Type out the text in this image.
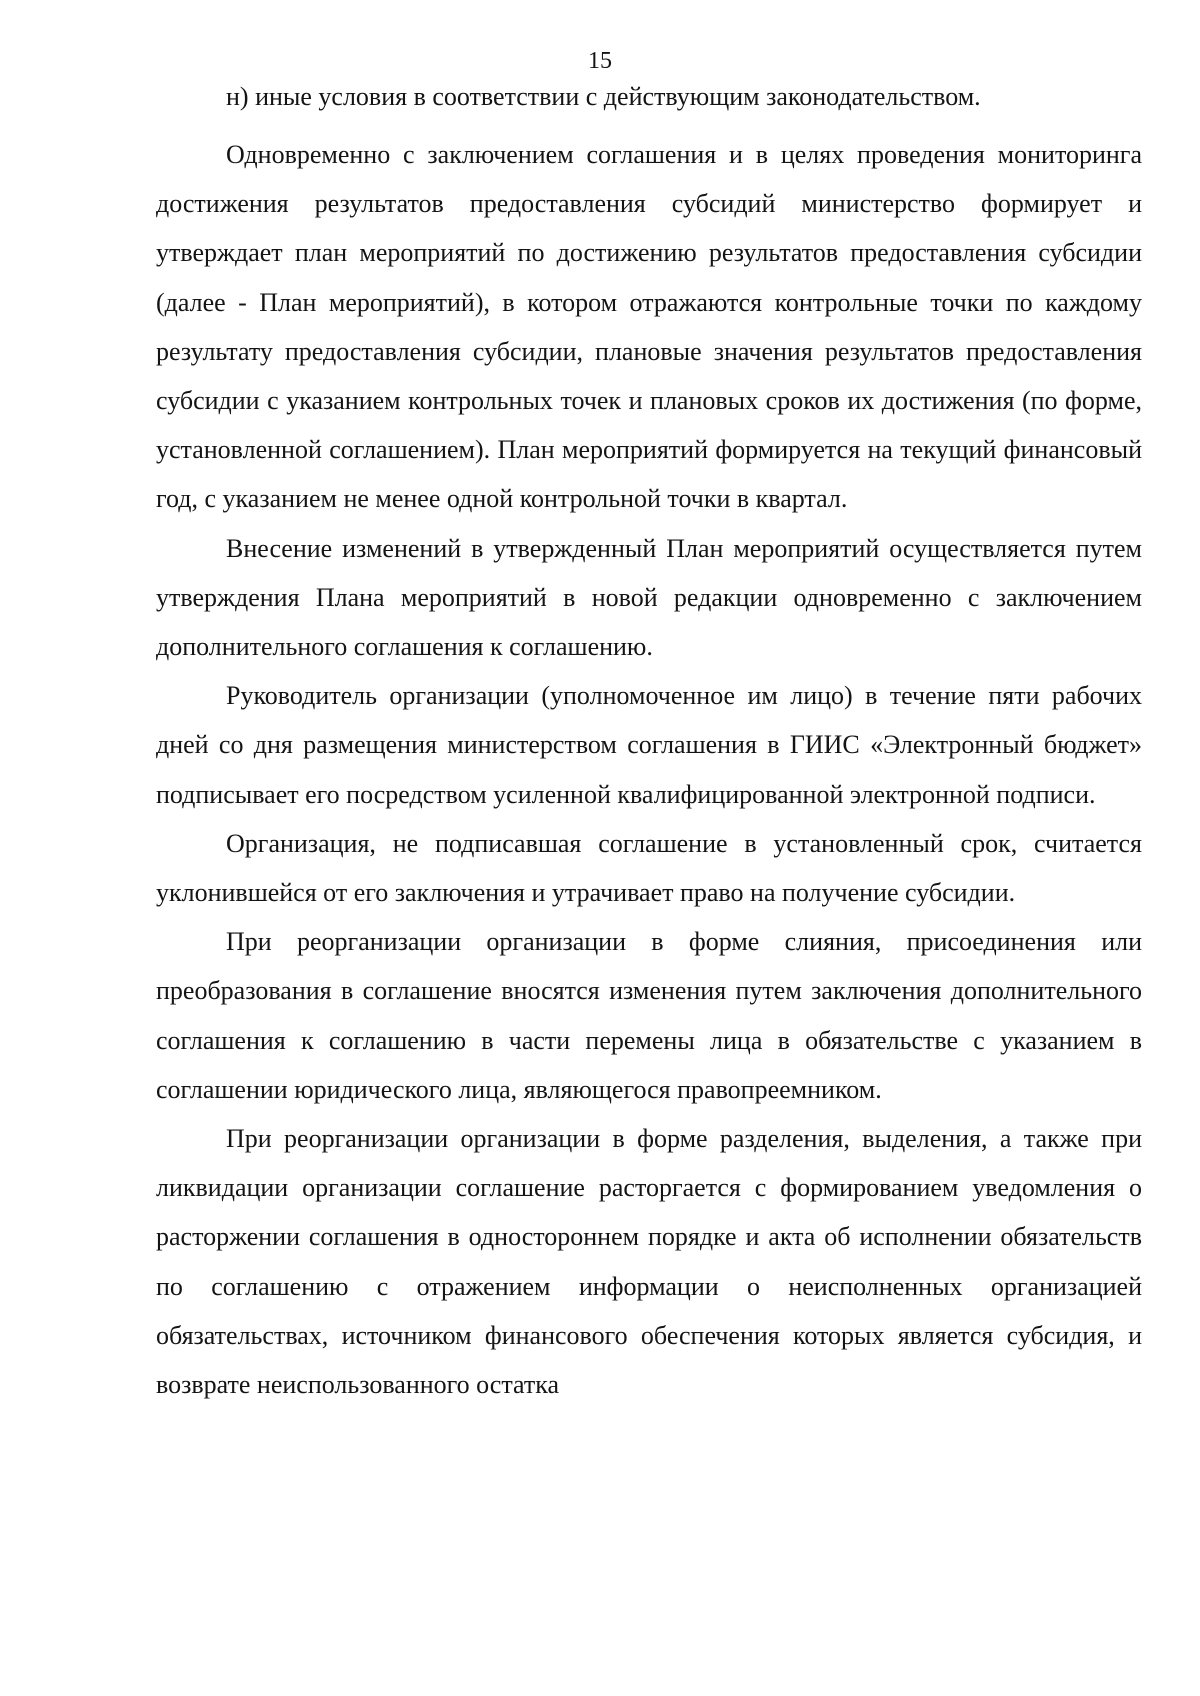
15

н) иные условия в соответствии с действующим законодательством.

Одновременно с заключением соглашения и в целях проведения мониторинга достижения результатов предоставления субсидий министерство формирует и утверждает план мероприятий по достижению результатов предоставления субсидии (далее - План мероприятий), в котором отражаются контрольные точки по каждому результату предоставления субсидии, плановые значения результатов предоставления субсидии с указанием контрольных точек и плановых сроков их достижения (по форме, установленной соглашением). План мероприятий формируется на текущий финансовый год, с указанием не менее одной контрольной точки в квартал.

Внесение изменений в утвержденный План мероприятий осуществляется путем утверждения Плана мероприятий в новой редакции одновременно с заключением дополнительного соглашения к соглашению.

Руководитель организации (уполномоченное им лицо) в течение пяти рабочих дней со дня размещения министерством соглашения в ГИИС «Электронный бюджет» подписывает его посредством усиленной квалифицированной электронной подписи.

Организация, не подписавшая соглашение в установленный срок, считается уклонившейся от его заключения и утрачивает право на получение субсидии.

При реорганизации организации в форме слияния, присоединения или преобразования в соглашение вносятся изменения путем заключения дополнительного соглашения к соглашению в части перемены лица в обязательстве с указанием в соглашении юридического лица, являющегося правопреемником.

При реорганизации организации в форме разделения, выделения, а также при ликвидации организации соглашение расторгается с формированием уведомления о расторжении соглашения в одностороннем порядке и акта об исполнении обязательств по соглашению с отражением информации о неисполненных организацией обязательствах, источником финансового обеспечения которых является субсидия, и возврате неиспользованного остатка
